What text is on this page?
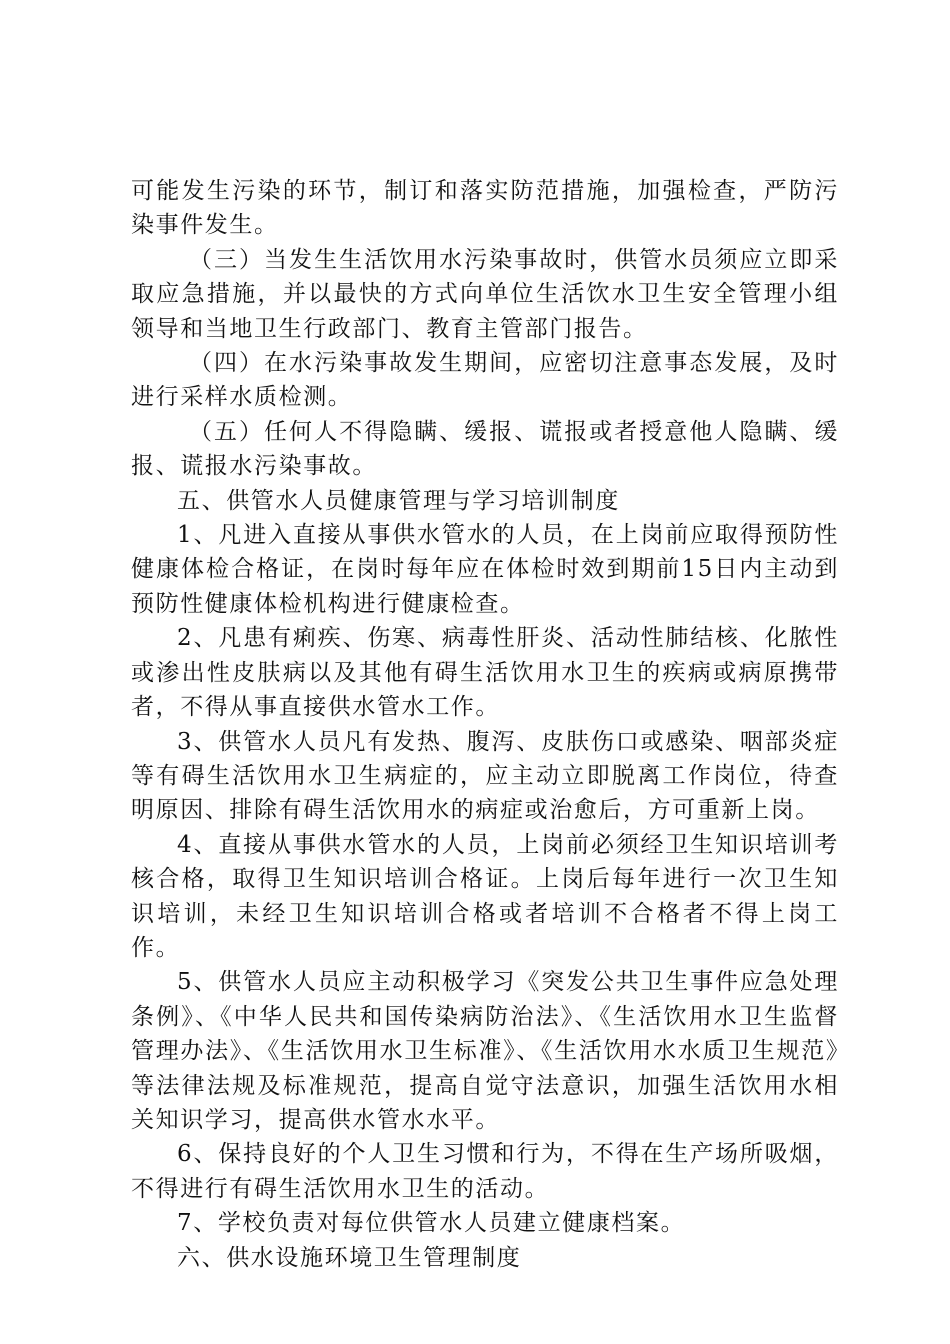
可能发生污染的环节，制订和落实防范措施，加强检查，严防污染事件发生。

（三）当发生生活饮用水污染事故时，供管水员须应立即采取应急措施，并以最快的方式向单位生活饮水卫生安全管理小组领导和当地卫生行政部门、教育主管部门报告。

（四）在水污染事故发生期间，应密切注意事态发展，及时进行采样水质检测。

（五）任何人不得隐瞒、缓报、谎报或者授意他人隐瞒、缓报、谎报水污染事故。

五、供管水人员健康管理与学习培训制度

1、凡进入直接从事供水管水的人员，在上岗前应取得预防性健康体检合格证，在岗时每年应在体检时效到期前15日内主动到预防性健康体检机构进行健康检查。

2、凡患有痢疾、伤寒、病毒性肝炎、活动性肺结核、化脓性或渗出性皮肤病以及其他有碍生活饮用水卫生的疾病或病原携带者，不得从事直接供水管水工作。

3、供管水人员凡有发热、腹泻、皮肤伤口或感染、咽部炎症等有碍生活饮用水卫生病症的，应主动立即脱离工作岗位，待查明原因、排除有碍生活饮用水的病症或治愈后，方可重新上岗。

4、直接从事供水管水的人员，上岗前必须经卫生知识培训考核合格，取得卫生知识培训合格证。上岗后每年进行一次卫生知识培训，未经卫生知识培训合格或者培训不合格者不得上岗工作。

5、供管水人员应主动积极学习《突发公共卫生事件应急处理条例》、《中华人民共和国传染病防治法》、《生活饮用水卫生监督管理办法》、《生活饮用水卫生标准》、《生活饮用水水质卫生规范》等法律法规及标准规范，提高自觉守法意识，加强生活饮用水相关知识学习，提高供水管水水平。

6、保持良好的个人卫生习惯和行为，不得在生产场所吸烟，不得进行有碍生活饮用水卫生的活动。

7、学校负责对每位供管水人员建立健康档案。

六、供水设施环境卫生管理制度
